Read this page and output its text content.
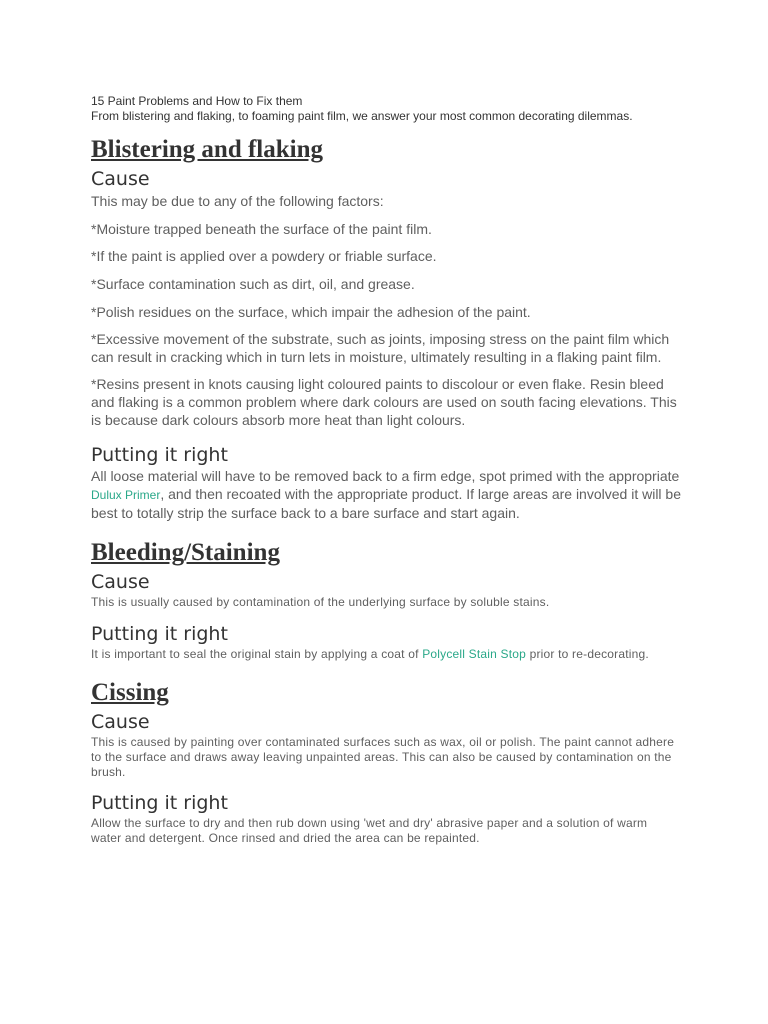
15 Paint Problems and How to Fix them

From blistering and flaking, to foaming paint film, we answer your most common decorating dilemmas.

Blistering and flaking
Cause

This may be due to any of the following factors:

*Moisture trapped beneath the surface of the paint film.

*If the paint is applied over a powdery or friable surface.

*Surface contamination such as dirt, oil, and grease.

*Polish residues on the surface, which impair the adhesion of the paint.

*Excessive movement of the substrate, such as joints, imposing stress on the paint film which can result in cracking which in turn lets in moisture, ultimately resulting in a flaking paint film.

*Resins present in knots causing light coloured paints to discolour or even flake. Resin bleed and flaking is a common problem where dark colours are used on south facing elevations. This is because dark colours absorb more heat than light colours.

Putting it right

All loose material will have to be removed back to a firm edge, spot primed with the appropriate Dulux Primer, and then recoated with the appropriate product. If large areas are involved it will be best to totally strip the surface back to a bare surface and start again.

Bleeding/Staining
Cause

This is usually caused by contamination of the underlying surface by soluble stains.

Putting it right

It is important to seal the original stain by applying a coat of Polycell Stain Stop prior to re-decorating.

Cissing
Cause

This is caused by painting over contaminated surfaces such as wax, oil or polish. The paint cannot adhere to the surface and draws away leaving unpainted areas. This can also be caused by contamination on the brush.

Putting it right

Allow the surface to dry and then rub down using 'wet and dry' abrasive paper and a solution of warm water and detergent. Once rinsed and dried the area can be repainted.
